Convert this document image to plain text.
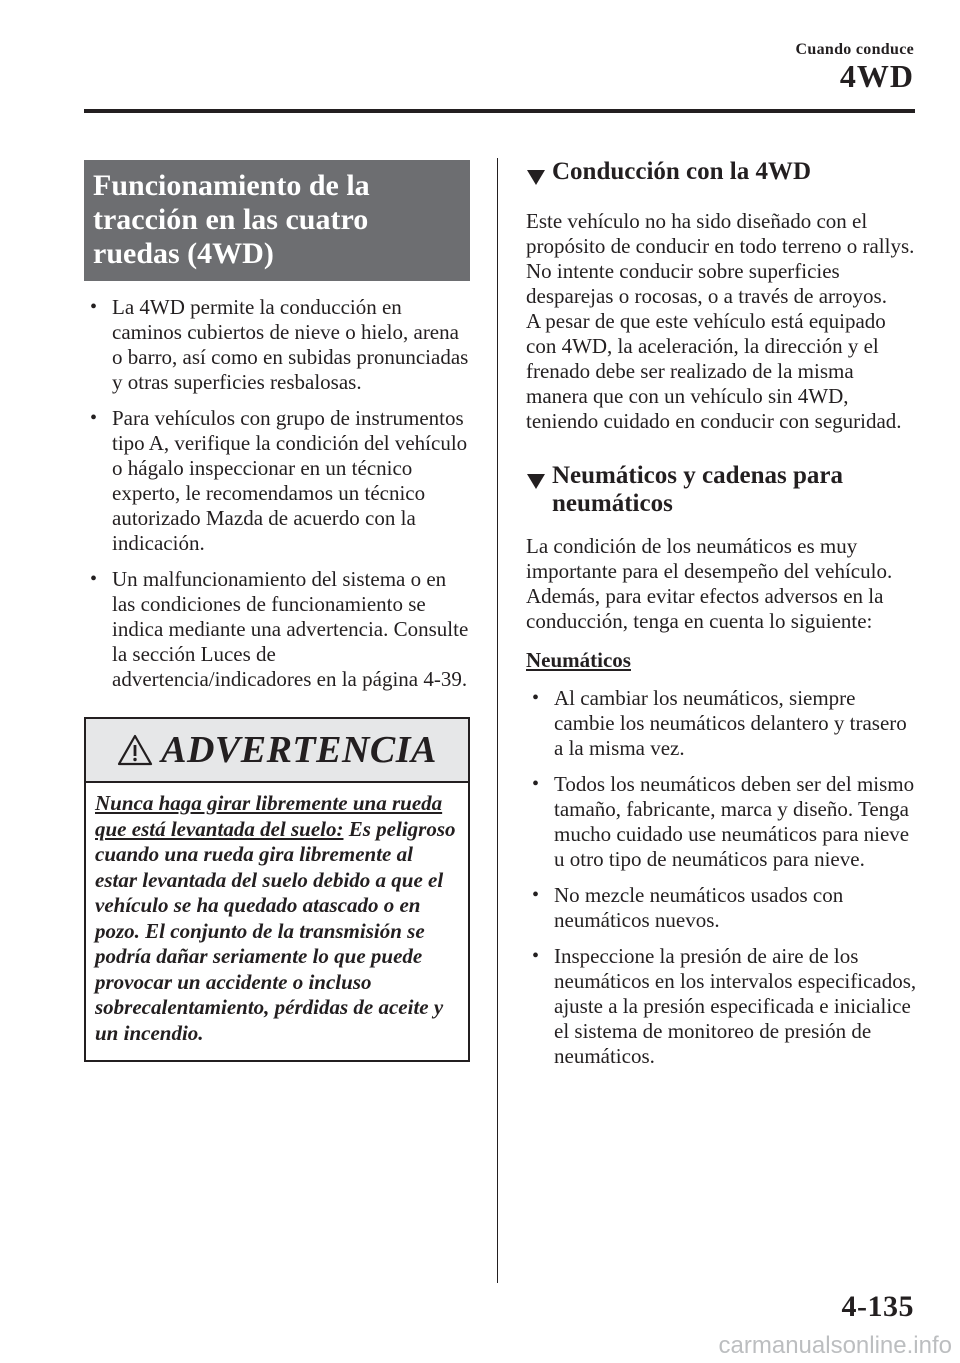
Cuando conduce
4WD
Funcionamiento de la
tracción en las cuatro
ruedas (4WD)
• La 4WD permite la conducción en caminos cubiertos de nieve o hielo, arena o barro, así como en subidas pronunciadas y otras superficies resbalosas.
• Para vehículos con grupo de instrumentos tipo A, verifique la condición del vehículo o hágalo inspeccionar en un técnico experto, le recomendamos un técnico autorizado Mazda de acuerdo con la indicación.
• Un malfuncionamiento del sistema o en las condiciones de funcionamiento se indica mediante una advertencia. Consulte la sección Luces de advertencia/indicadores en la página 4-39.
ADVERTENCIA
Nunca haga girar libremente una rueda que está levantada del suelo: Es peligroso cuando una rueda gira libremente al estar levantada del suelo debido a que el vehículo se ha quedado atascado o en pozo. El conjunto de la transmisión se podría dañar seriamente lo que puede provocar un accidente o incluso sobrecalentamiento, pérdidas de aceite y un incendio.
Conducción con la 4WD

Este vehículo no ha sido diseñado con el propósito de conducir en todo terreno o rallys. No intente conducir sobre superficies desparejas o rocosas, o a través de arroyos.

A pesar de que este vehículo está equipado con 4WD, la aceleración, la dirección y el frenado debe ser realizado de la misma manera que con un vehículo sin 4WD, teniendo cuidado en conducir con seguridad.

Neumáticos y cadenas para neumáticos

La condición de los neumáticos es muy importante para el desempeño del vehículo. Además, para evitar efectos adversos en la conducción, tenga en cuenta lo siguiente:

Neumáticos
• Al cambiar los neumáticos, siempre cambie los neumáticos delantero y trasero a la misma vez.
• Todos los neumáticos deben ser del mismo tamaño, fabricante, marca y diseño. Tenga mucho cuidado use neumáticos para nieve u otro tipo de neumáticos para nieve.
• No mezcle neumáticos usados con neumáticos nuevos.
• Inspeccione la presión de aire de los neumáticos en los intervalos especificados, ajuste a la presión especificada e inicialice el sistema de monitoreo de presión de neumáticos.
4-135
carmanualsonline.info
